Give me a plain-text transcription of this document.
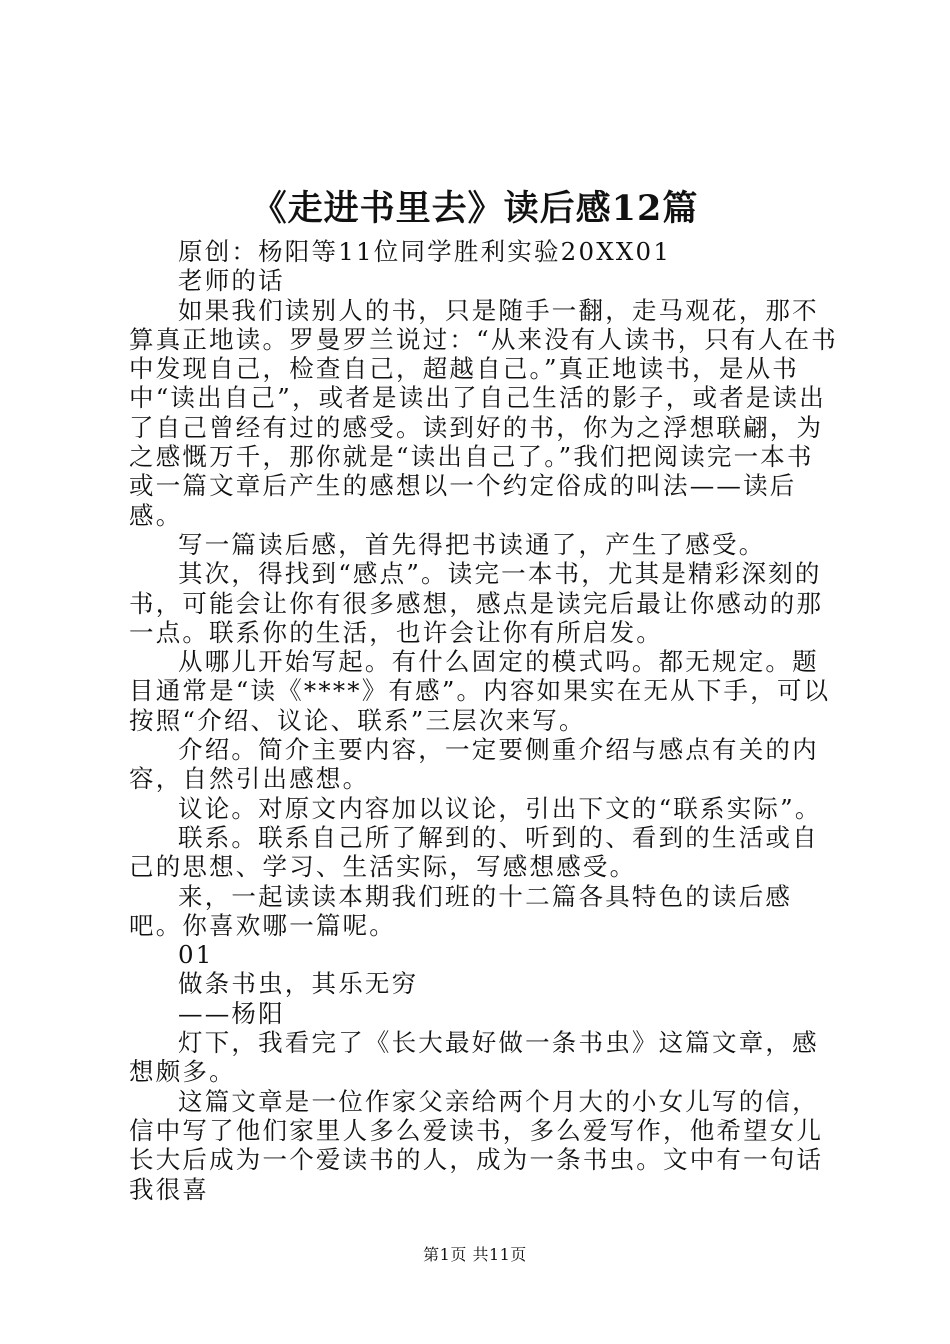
《走进书里去》读后感12篇

原创：杨阳等11位同学胜利实验20XX01

老师的话

如果我们读别人的书，只是随手一翻，走马观花，那不算真正地读。罗曼罗兰说过：“从来没有人读书，只有人在书中发现自己，检查自己，超越自己。”真正地读书，是从书中“读出自己”，或者是读出了自己生活的影子，或者是读出了自己曾经有过的感受。读到好的书，你为之浮想联翩，为之感慨万千，那你就是“读出自己了。”我们把阅读完一本书或一篇文章后产生的感想以一个约定俗成的叫法——读后感。

写一篇读后感，首先得把书读通了，产生了感受。

其次，得找到“感点”。读完一本书，尤其是精彩深刻的书，可能会让你有很多感想，感点是读完后最让你感动的那一点。联系你的生活，也许会让你有所启发。

从哪儿开始写起。有什么固定的模式吗。都无规定。题目通常是“读《****》有感”。内容如果实在无从下手，可以按照“介绍、议论、联系”三层次来写。

介绍。简介主要内容，一定要侧重介绍与感点有关的内容，自然引出感想。

议论。对原文内容加以议论，引出下文的“联系实际”。

联系。联系自己所了解到的、听到的、看到的生活或自己的思想、学习、生活实际，写感想感受。

来，一起读读本期我们班的十二篇各具特色的读后感吧。你喜欢哪一篇呢。

01

做条书虫，其乐无穷

——杨阳

灯下，我看完了《长大最好做一条书虫》这篇文章，感想颇多。

这篇文章是一位作家父亲给两个月大的小女儿写的信，信中写了他们家里人多么爱读书，多么爱写作，他希望女儿长大后成为一个爱读书的人，成为一条书虫。文中有一句话我很喜

第1页 共11页
